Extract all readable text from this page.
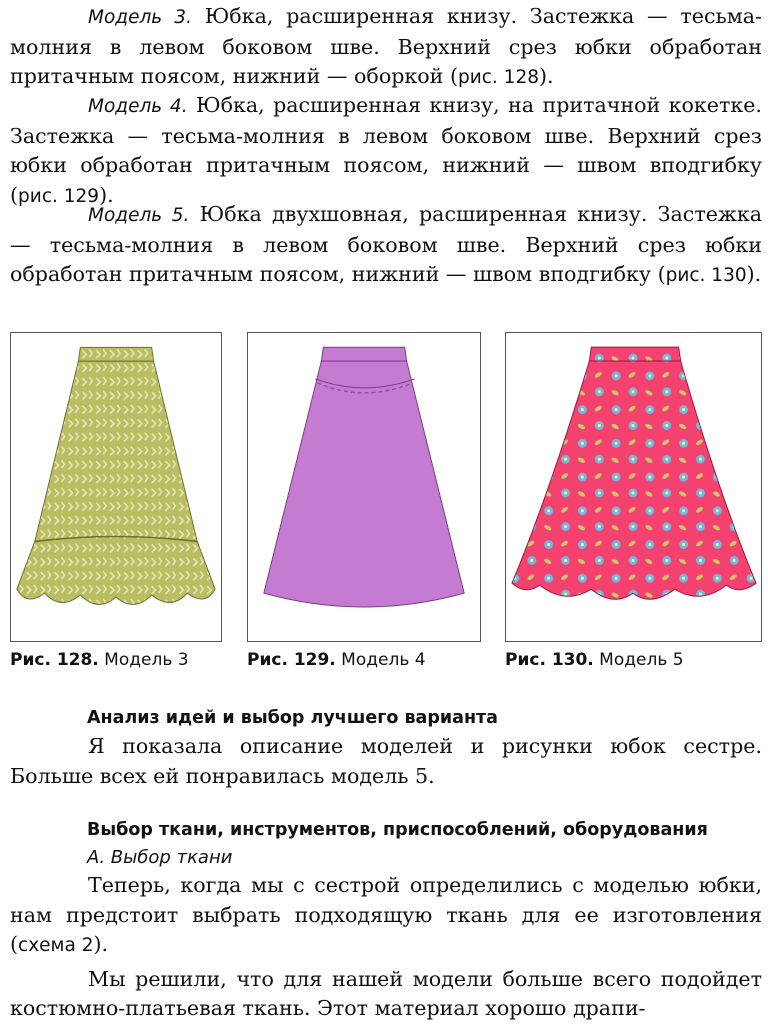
Модель 3. Юбка, расширенная книзу. Застежка — тесьма-молния в левом боковом шве. Верхний срез юбки обработан притачным поясом, нижний — оборкой (рис. 128).

Модель 4. Юбка, расширенная книзу, на притачной кокетке. Застежка — тесьма-молния в левом боковом шве. Верхний срез юбки обработан притачным поясом, нижний — швом вподгибку (рис. 129).

Модель 5. Юбка двухшовная, расширенная книзу. Застежка — тесьма-молния в левом боковом шве. Верхний срез юбки обработан притачным поясом, нижний — швом вподгибку (рис. 130).

Рис. 128. Модель 3	Рис. 129. Модель 4	Рис. 130. Модель 5
Анализ идей и выбор лучшего варианта

Я показала описание моделей и рисунки юбок сестре. Больше всех ей понравилась модель 5.

Выбор ткани, инструментов, приспособлений, оборудования
А. Выбор ткани

Теперь, когда мы с сестрой определились с моделью юбки, нам предстоит выбрать подходящую ткань для ее изготовления (схема 2).

Мы решили, что для нашей модели больше всего подойдет костюмно-платьевая ткань. Этот материал хорошо драпи-
